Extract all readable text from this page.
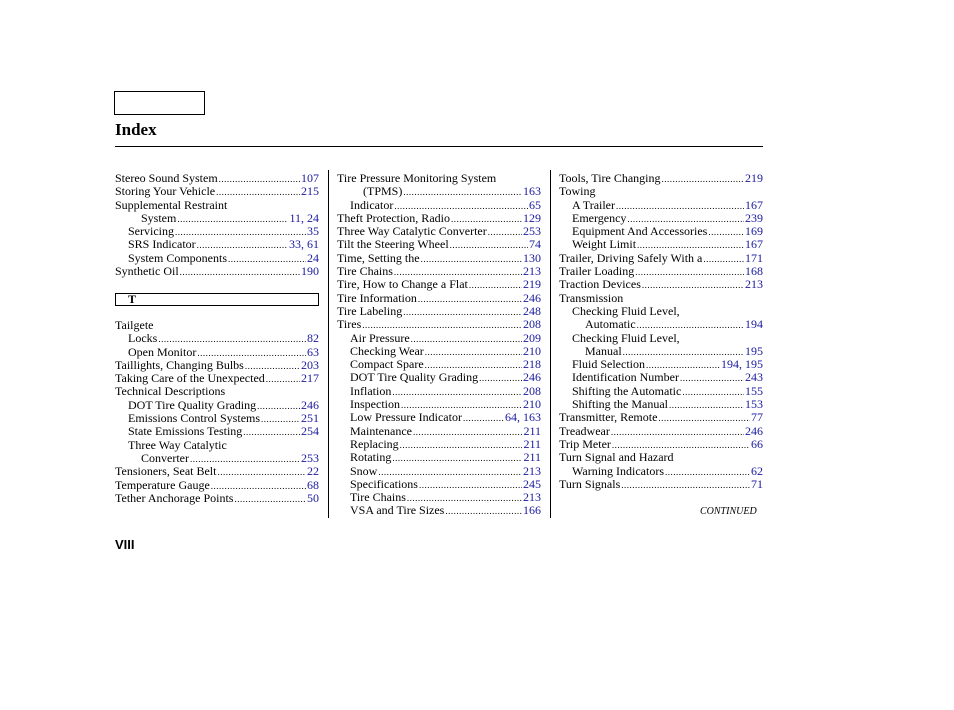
Index
Stereo Sound System .....	107
Storing Your Vehicle .....	215
Supplemental Restraint
System .....	11, 24
Servicing .....	35
SRS Indicator .....	33, 61
System Components .....	24
Synthetic Oil .....	190
T
Tailgete
Locks .....	82
Open Monitor .....	63
Taillights, Changing Bulbs .....	203
Taking Care of the Unexpected .....	217
Technical Descriptions
DOT Tire Quality Grading .....	246
Emissions Control Systems .....	251
State Emissions Testing .....	254
Three Way Catalytic
Converter .....	253
Tensioners, Seat Belt .....	22
Temperature Gauge .....	68
Tether Anchorage Points .....	50
Tire Pressure Monitoring System
(TPMS) .....	163
Indicator .....	65
Theft Protection, Radio .....	129
Three Way Catalytic Converter .....	253
Tilt the Steering Wheel .....	74
Time, Setting the .....	130
Tire Chains .....	213
Tire, How to Change a Flat .....	219
Tire Information .....	246
Tire Labeling .....	248
Tires .....	208
Air Pressure .....	209
Checking Wear .....	210
Compact Spare .....	218
DOT Tire Quality Grading .....	246
Inflation .....	208
Inspection .....	210
Low Pressure Indicator .....	64, 163
Maintenance .....	211
Replacing .....	211
Rotating .....	211
Snow .....	213
Specifications .....	245
Tire Chains .....	213
VSA and Tire Sizes .....	166
Tools, Tire Changing .....	219
Towing
A Trailer .....	167
Emergency .....	239
Equipment And Accessories .....	169
Weight Limit .....	167
Trailer, Driving Safely With a .....	171
Trailer Loading .....	168
Traction Devices .....	213
Transmission
Checking Fluid Level,
Automatic .....	194
Checking Fluid Level,
Manual .....	195
Fluid Selection .....	194, 195
Identification Number .....	243
Shifting the Automatic .....	155
Shifting the Manual .....	153
Transmitter, Remote .....	77
Treadwear .....	246
Trip Meter .....	66
Turn Signal and Hazard
Warning Indicators .....	62
Turn Signals .....	71
CONTINUED
VIII
